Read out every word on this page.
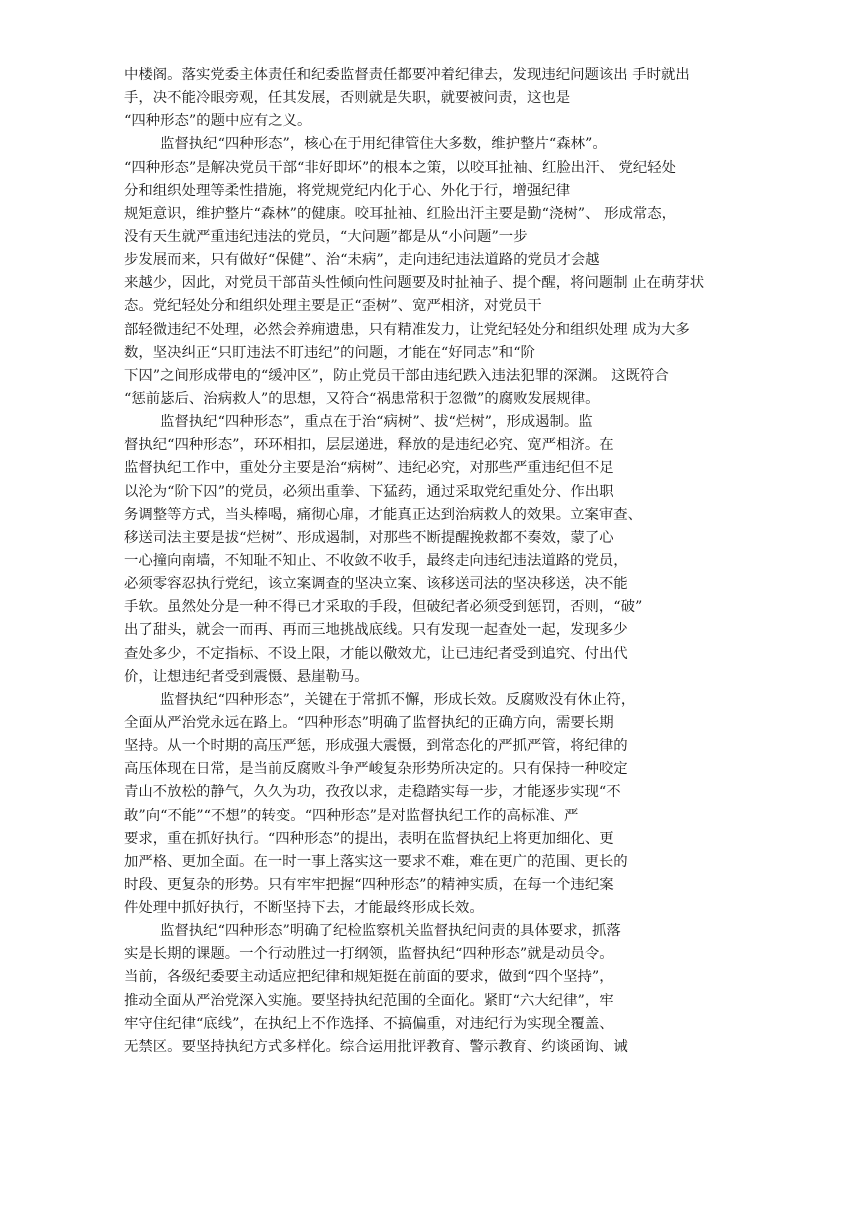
中楼阁。落实党委主体责任和纪委监督责任都要冲着纪律去，发现违纪问题该出 手时就出
手，决不能冷眼旁观，任其发展，否则就是失职，就要被问责，这也是
“四种形态”的题中应有之义。
监督执纪“四种形态”，核心在于用纪律管住大多数，维护整片“森林”。
“四种形态”是解决党员干部“非好即坏”的根本之策，以咬耳扯袖、红脸出汗、 党纪轻处
分和组织处理等柔性措施，将党规党纪内化于心、外化于行，增强纪律
规矩意识，维护整片“森林”的健康。咬耳扯袖、红脸出汗主要是勤“浇树”、 形成常态，
没有天生就严重违纪违法的党员，“大问题”都是从“小问题”一步
步发展而来，只有做好“保健”、治“未病”，走向违纪违法道路的党员才会越
来越少，因此，对党员干部苗头性倾向性问题要及时扯袖子、提个醒，将问题制 止在萌芽状
态。党纪轻处分和组织处理主要是正“歪树”、宽严相济，对党员干
部轻微违纪不处理，必然会养痈遗患，只有精准发力，让党纪轻处分和组织处理 成为大多
数，坚决纠正“只盯违法不盯违纪”的问题，才能在“好同志”和“阶
下囚”之间形成带电的“缓冲区”，防止党员干部由违纪跌入违法犯罪的深渊。 这既符合
“惩前毖后、治病救人”的思想，又符合“祸患常积于忽微”的腐败发展规律。
监督执纪“四种形态”，重点在于治“病树”、拔“烂树”，形成遏制。监
督执纪“四种形态”，环环相扣，层层递进，释放的是违纪必究、宽严相济。在
监督执纪工作中，重处分主要是治“病树”、违纪必究，对那些严重违纪但不足
以沦为“阶下囚”的党员，必须出重拳、下猛药，通过采取党纪重处分、作出职
务调整等方式，当头棒喝，痛彻心扉，才能真正达到治病救人的效果。立案审查、
移送司法主要是拔“烂树”、形成遏制，对那些不断提醒挽救都不奏效，蒙了心
一心撞向南墙，不知耻不知止、不收敛不收手，最终走向违纪违法道路的党员，
必须零容忍执行党纪，该立案调查的坚决立案、该移送司法的坚决移送，决不能
手软。虽然处分是一种不得已才采取的手段，但破纪者必须受到惩罚，否则，“破”
出了甜头，就会一而再、再而三地挑战底线。只有发现一起查处一起，发现多少
查处多少，不定指标、不设上限，才能以儆效尤，让已违纪者受到追究、付出代
价，让想违纪者受到震慑、悬崖勒马。
监督执纪“四种形态”，关键在于常抓不懈，形成长效。反腐败没有休止符，
全面从严治党永远在路上。“四种形态”明确了监督执纪的正确方向，需要长期
坚持。从一个时期的高压严惩，形成强大震慑，到常态化的严抓严管，将纪律的
高压体现在日常，是当前反腐败斗争严峻复杂形势所决定的。只有保持一种咬定
青山不放松的静气，久久为功，孜孜以求，走稳踏实每一步，才能逐步实现“不
敢”向“不能”“不想”的转变。“四种形态”是对监督执纪工作的高标准、严
要求，重在抓好执行。“四种形态”的提出，表明在监督执纪上将更加细化、更
加严格、更加全面。在一时一事上落实这一要求不难，难在更广的范围、更长的
时段、更复杂的形势。只有牢牢把握“四种形态”的精神实质，在每一个违纪案
件处理中抓好执行，不断坚持下去，才能最终形成长效。
监督执纪“四种形态”明确了纪检监察机关监督执纪问责的具体要求，抓落
实是长期的课题。一个行动胜过一打纲领，监督执纪“四种形态”就是动员令。
当前，各级纪委要主动适应把纪律和规矩挺在前面的要求，做到“四个坚持”，
推动全面从严治党深入实施。要坚持执纪范围的全面化。紧盯“六大纪律”，牢
牢守住纪律“底线”，在执纪上不作选择、不搞偏重，对违纪行为实现全覆盖、
无禁区。要坚持执纪方式多样化。综合运用批评教育、警示教育、约谈函询、诫
